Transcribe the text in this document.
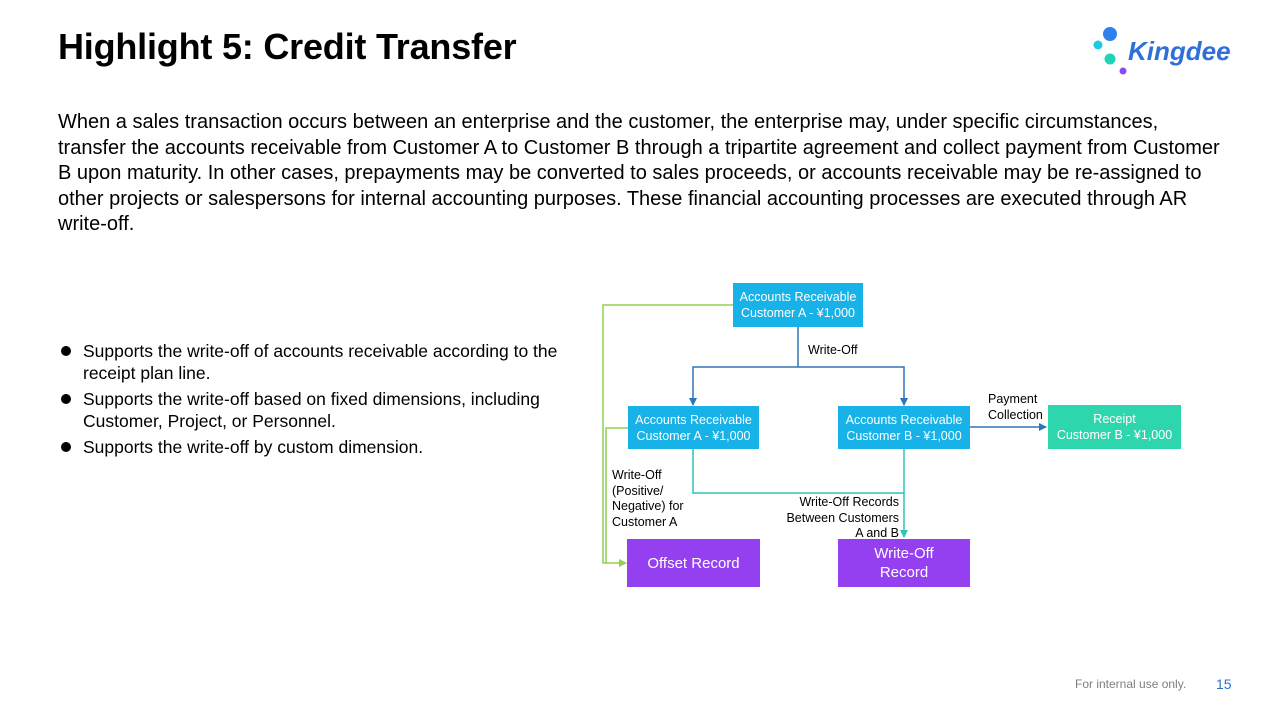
Highlight 5: Credit Transfer	Kingdee
When a sales transaction occurs between an enterprise and the customer, the enterprise may, under specific circumstances, transfer the accounts receivable from Customer A to Customer B through a tripartite agreement and collect payment from Customer B upon maturity. In other cases, prepayments may be converted to sales proceeds, or accounts receivable may be re-assigned to other projects or salespersons for internal accounting purposes. These financial accounting processes are executed through AR write-off.
Supports the write-off of accounts receivable according to the receipt plan line.
Supports the write-off based on fixed dimensions, including Customer, Project, or Personnel.
Supports the write-off by custom dimension.
Accounts Receivable
Customer A - ¥1,000
Accounts Receivable
Customer A - ¥1,000
Accounts Receivable
Customer B - ¥1,000
Receipt
Customer B - ¥1,000
Offset Record
Write-Off
Record
Write-Off
Payment
Collection
Write-Off
(Positive/
Negative) for
Customer A
Write-Off Records
Between Customers
A and B
For internal use only. 15
